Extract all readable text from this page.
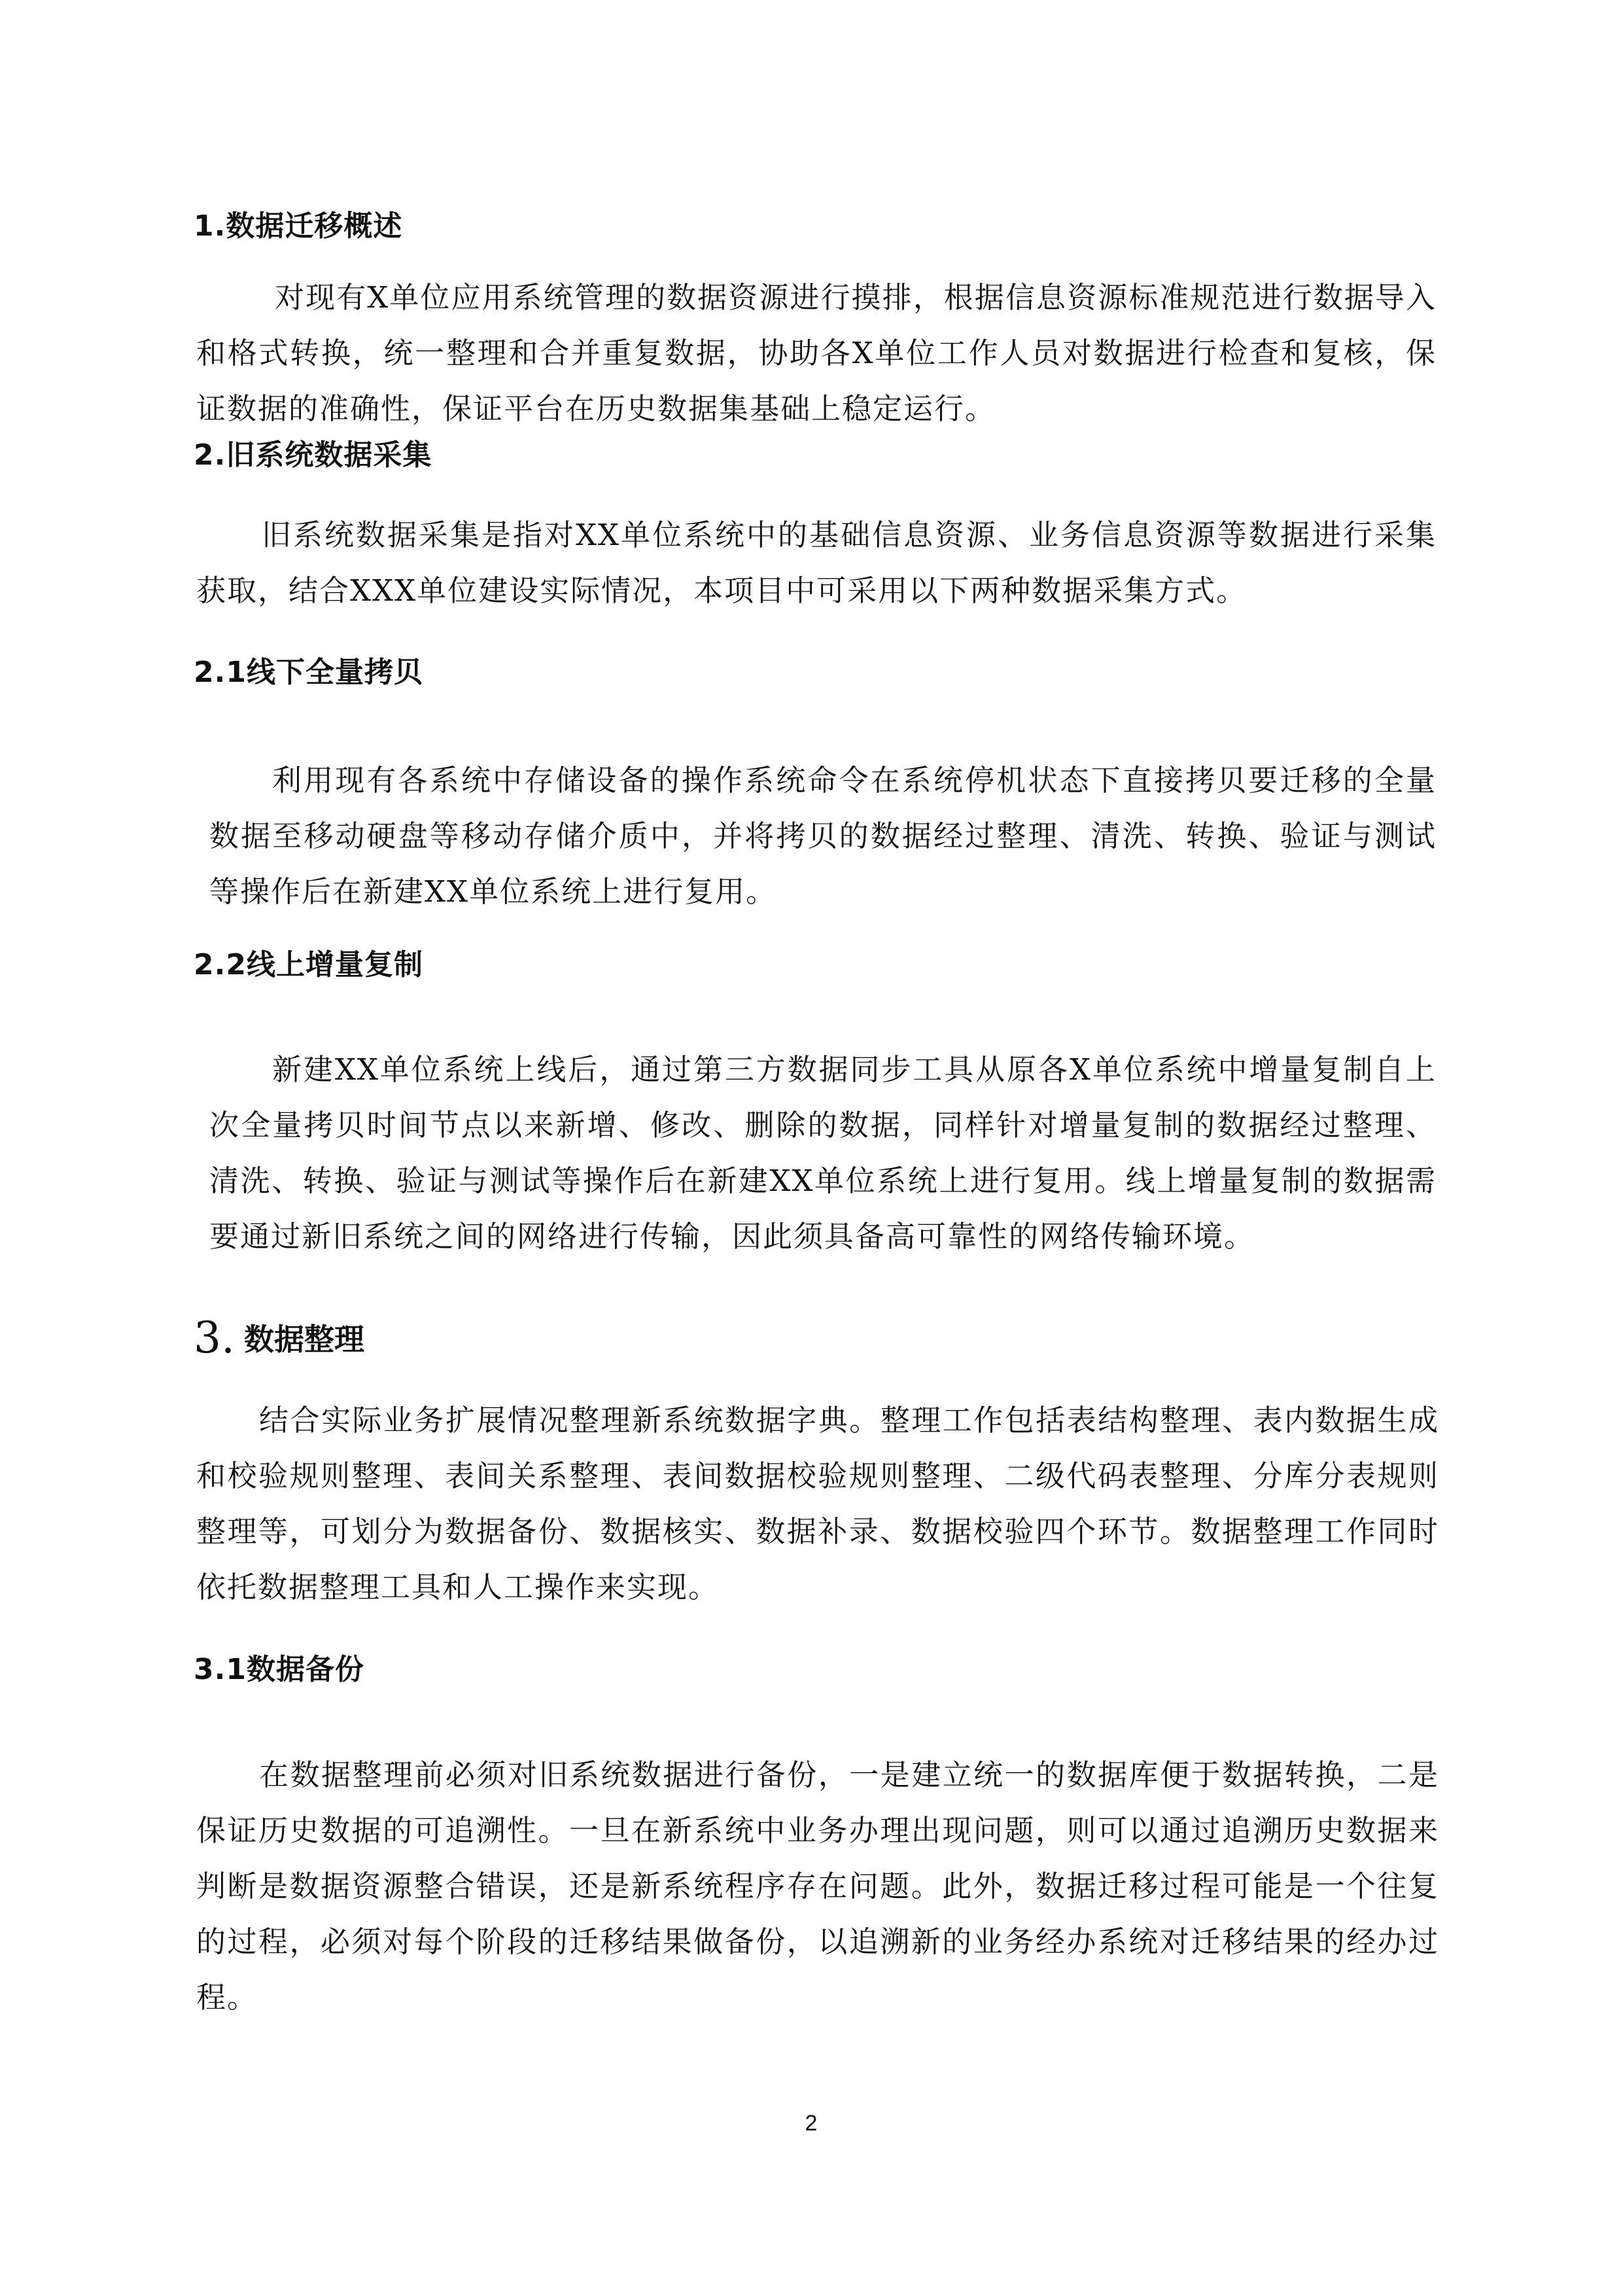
1.数据迁移概述

对现有X单位应用系统管理的数据资源进行摸排，根据信息资源标准规范进行数据导入和格式转换，统一整理和合并重复数据，协助各X单位工作人员对数据进行检查和复核，保证数据的准确性，保证平台在历史数据集基础上稳定运行。

2.旧系统数据采集

旧系统数据采集是指对XX单位系统中的基础信息资源、业务信息资源等数据进行采集获取，结合XXX单位建设实际情况，本项目中可采用以下两种数据采集方式。

2.1线下全量拷贝

利用现有各系统中存储设备的操作系统命令在系统停机状态下直接拷贝要迁移的全量数据至移动硬盘等移动存储介质中，并将拷贝的数据经过整理、清洗、转换、验证与测试等操作后在新建XX单位系统上进行复用。

2.2线上增量复制

新建XX单位系统上线后，通过第三方数据同步工具从原各X单位系统中增量复制自上次全量拷贝时间节点以来新增、修改、删除的数据，同样针对增量复制的数据经过整理、清洗、转换、验证与测试等操作后在新建XX单位系统上进行复用。线上增量复制的数据需要通过新旧系统之间的网络进行传输，因此须具备高可靠性的网络传输环境。

3. 数据整理

结合实际业务扩展情况整理新系统数据字典。整理工作包括表结构整理、表内数据生成和校验规则整理、表间关系整理、表间数据校验规则整理、二级代码表整理、分库分表规则整理等，可划分为数据备份、数据核实、数据补录、数据校验四个环节。数据整理工作同时依托数据整理工具和人工操作来实现。

3.1数据备份

在数据整理前必须对旧系统数据进行备份，一是建立统一的数据库便于数据转换，二是保证历史数据的可追溯性。一旦在新系统中业务办理出现问题，则可以通过追溯历史数据来判断是数据资源整合错误，还是新系统程序存在问题。此外，数据迁移过程可能是一个往复的过程，必须对每个阶段的迁移结果做备份，以追溯新的业务经办系统对迁移结果的经办过程。

2
